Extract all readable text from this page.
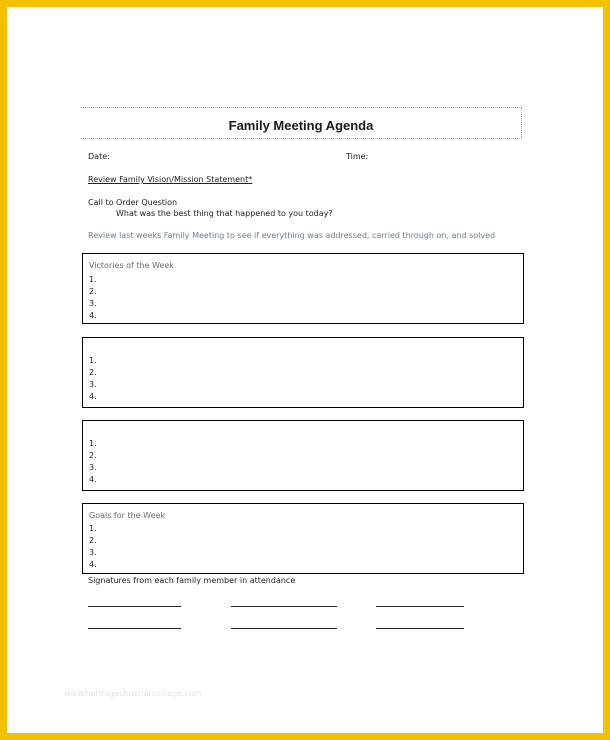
Family Meeting Agenda
Date:	Time:
Review Family Vision/Mission Statement*
Call to Order Question
What was the best thing that happened to you today?
Review last weeks Family Meeting to see if everything was addressed, carried through on, and solved
Victories of the Week
1.
2.
3.
4.
1.
2.
3.
4.
1.
2.
3.
4.
Goals for the Week
1.
2.
3.
4.
Signatures from each family member in attendance
www.heritagechristiancollege.com
